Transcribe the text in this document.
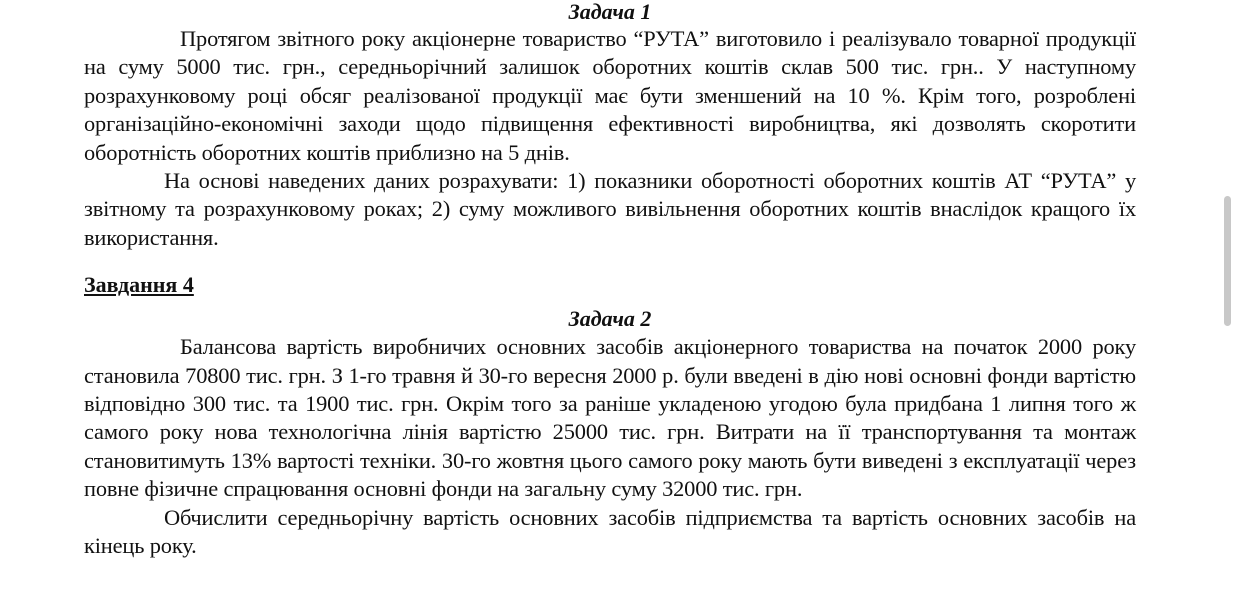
Задача 1

Протягом звітного року акціонерне товариство “РУТА” виготовило і реалізувало товарної продукції на суму 5000 тис. грн., середньорічний залишок оборотних коштів склав 500 тис. грн.. У наступному розрахунковому році обсяг реалізованої продукції має бути зменшений на 10 %. Крім того, розроблені організаційно-економічні заходи щодо підвищення ефективності виробництва, які дозволять скоротити оборотність оборотних коштів приблизно на 5 днів.

На основі наведених даних розрахувати: 1) показники оборотності оборотних коштів АТ “РУТА” у звітному та розрахунковому роках; 2) суму можливого вивільнення оборотних коштів внаслідок кращого їх використання.

Завдання 4

Задача 2

Балансова вартість виробничих основних засобів акціонерного товариства на початок 2000 року становила 70800 тис. грн. З 1-го травня й 30-го вересня 2000 р. були введені в дію нові основні фонди вартістю відповідно 300 тис. та 1900 тис. грн. Окрім того за раніше укладеною угодою була придбана 1 липня того ж самого року нова технологічна лінія вартістю 25000 тис. грн. Витрати на її транспортування та монтаж становитимуть 13% вартості техніки. 30-го жовтня цього самого року мають бути виведені з експлуатації через повне фізичне спрацювання основні фонди на загальну суму 32000 тис. грн.

Обчислити середньорічну вартість основних засобів підприємства та вартість основних засобів на кінець року.
